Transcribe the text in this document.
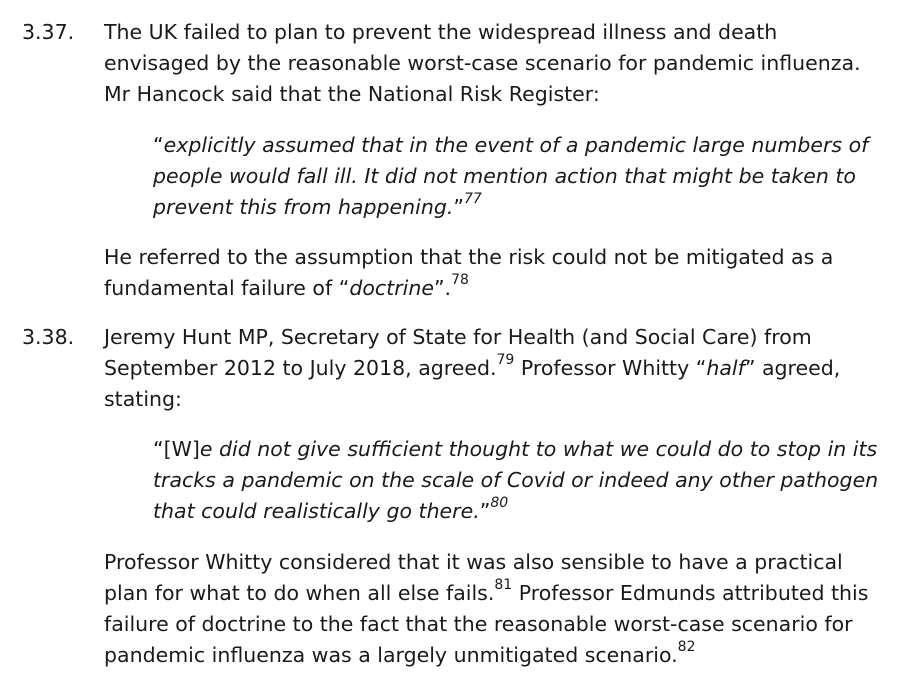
3.37. The UK failed to plan to prevent the widespread illness and death envisaged by the reasonable worst-case scenario for pandemic influenza. Mr Hancock said that the National Risk Register:
“explicitly assumed that in the event of a pandemic large numbers of people would fall ill. It did not mention action that might be taken to prevent this from happening.”$^{77}$
He referred to the assumption that the risk could not be mitigated as a fundamental failure of “doctrine”.$^{78}$
3.38. Jeremy Hunt MP, Secretary of State for Health (and Social Care) from September 2012 to July 2018, agreed.$^{79}$ Professor Whitty “half” agreed, stating:
“[W]e did not give sufficient thought to what we could do to stop in its tracks a pandemic on the scale of Covid or indeed any other pathogen that could realistically go there.”$^{80}$
Professor Whitty considered that it was also sensible to have a practical plan for what to do when all else fails.$^{81}$ Professor Edmunds attributed this failure of doctrine to the fact that the reasonable worst-case scenario for pandemic influenza was a largely unmitigated scenario.$^{82}$
